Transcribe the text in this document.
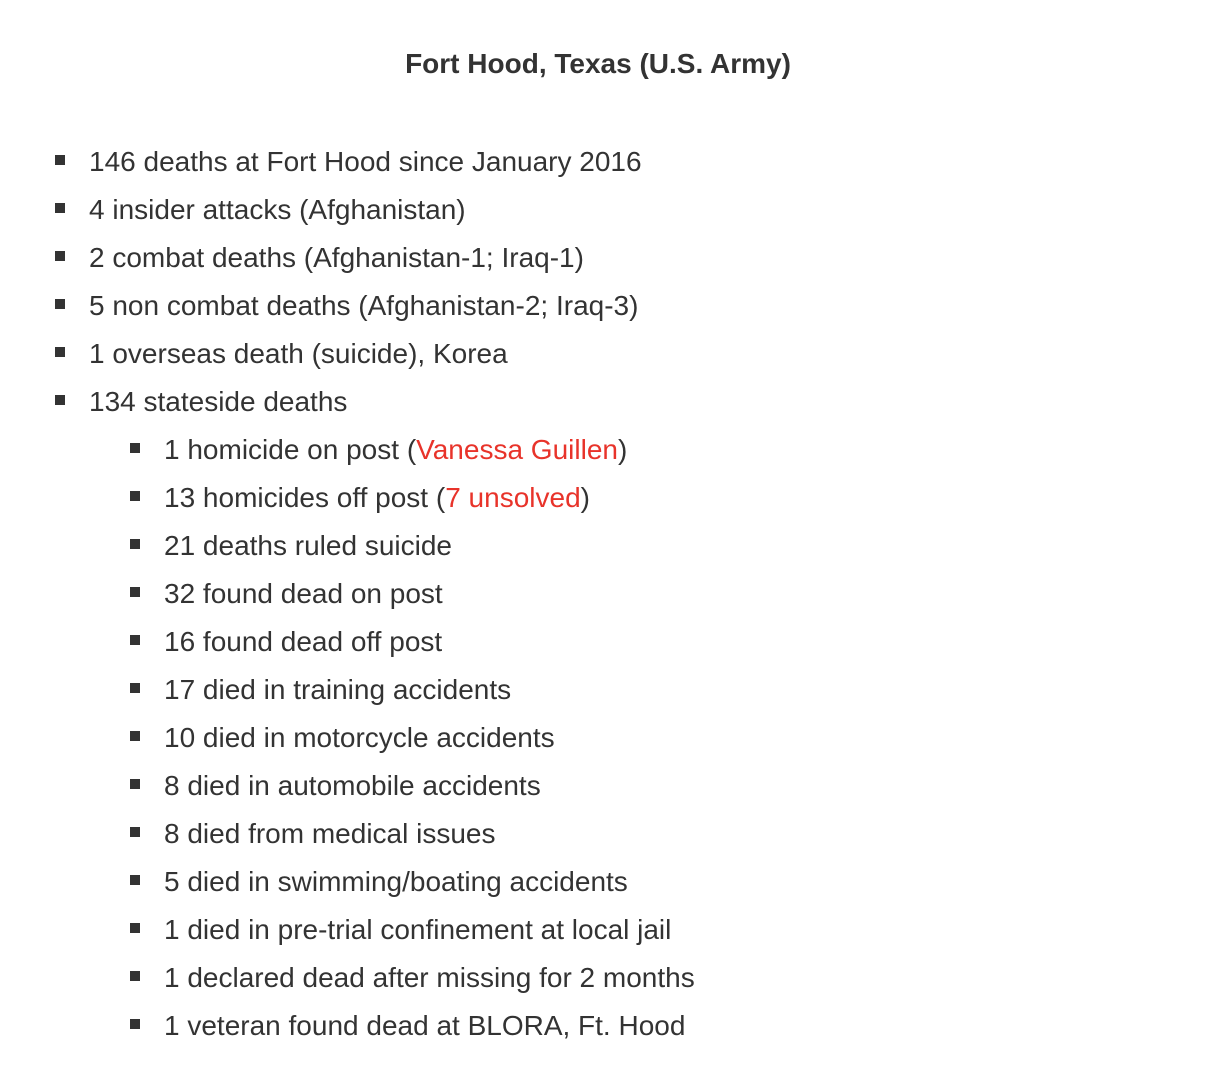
Fort Hood, Texas (U.S. Army)
146 deaths at Fort Hood since January 2016
4 insider attacks (Afghanistan)
2 combat deaths (Afghanistan-1; Iraq-1)
5 non combat deaths (Afghanistan-2; Iraq-3)
1 overseas death (suicide), Korea
134 stateside deaths
1 homicide on post (Vanessa Guillen)
13 homicides off post (7 unsolved)
21 deaths ruled suicide
32 found dead on post
16 found dead off post
17 died in training accidents
10 died in motorcycle accidents
8 died in automobile accidents
8 died from medical issues
5 died in swimming/boating accidents
1 died in pre-trial confinement at local jail
1 declared dead after missing for 2 months
1 veteran found dead at BLORA, Ft. Hood
